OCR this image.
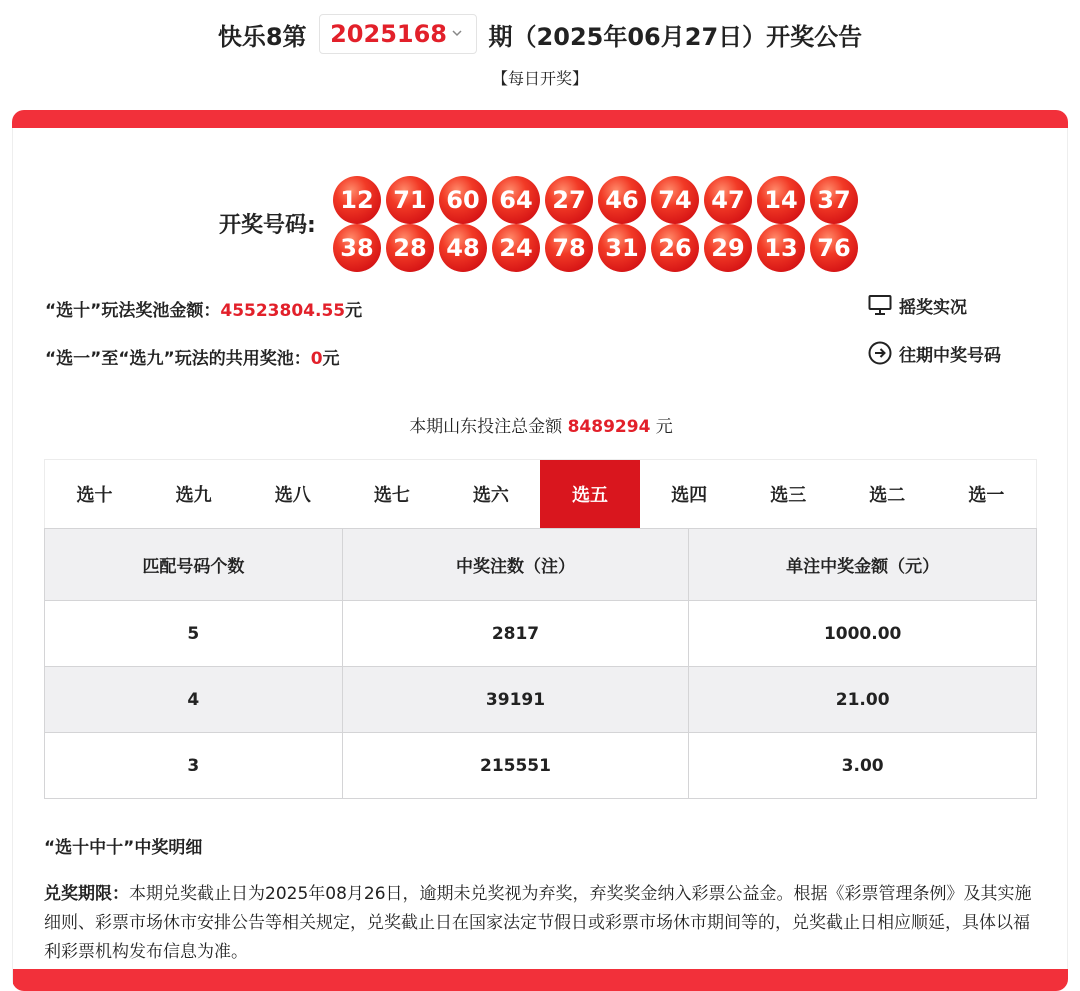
快乐8第 2025168 期（2025年06月27日）开奖公告
【每日开奖】
开奖号码:
12 71 60 64 27 46 74 47 14 37
38 28 48 24 78 31 26 29 13 76
“选十”玩法奖池金额：45523804.55元
“选一”至“选九”玩法的共用奖池：0元
摇奖实况
往期中奖号码
本期山东投注总金额 8489294 元
选十	选九	选八	选七	选六	选五	选四	选三	选二	选一
匹配号码个数	中奖注数（注）	单注中奖金额（元）
5	2817	1000.00
4	39191	21.00
3	215551	3.00
“选十中十”中奖明细
兑奖期限：本期兑奖截止日为2025年08月26日，逾期未兑奖视为弃奖，弃奖奖金纳入彩票公益金。根据《彩票管理条例》及其实施细则、彩票市场休市安排公告等相关规定，兑奖截止日在国家法定节假日或彩票市场休市期间等的，兑奖截止日相应顺延，具体以福利彩票机构发布信息为准。
